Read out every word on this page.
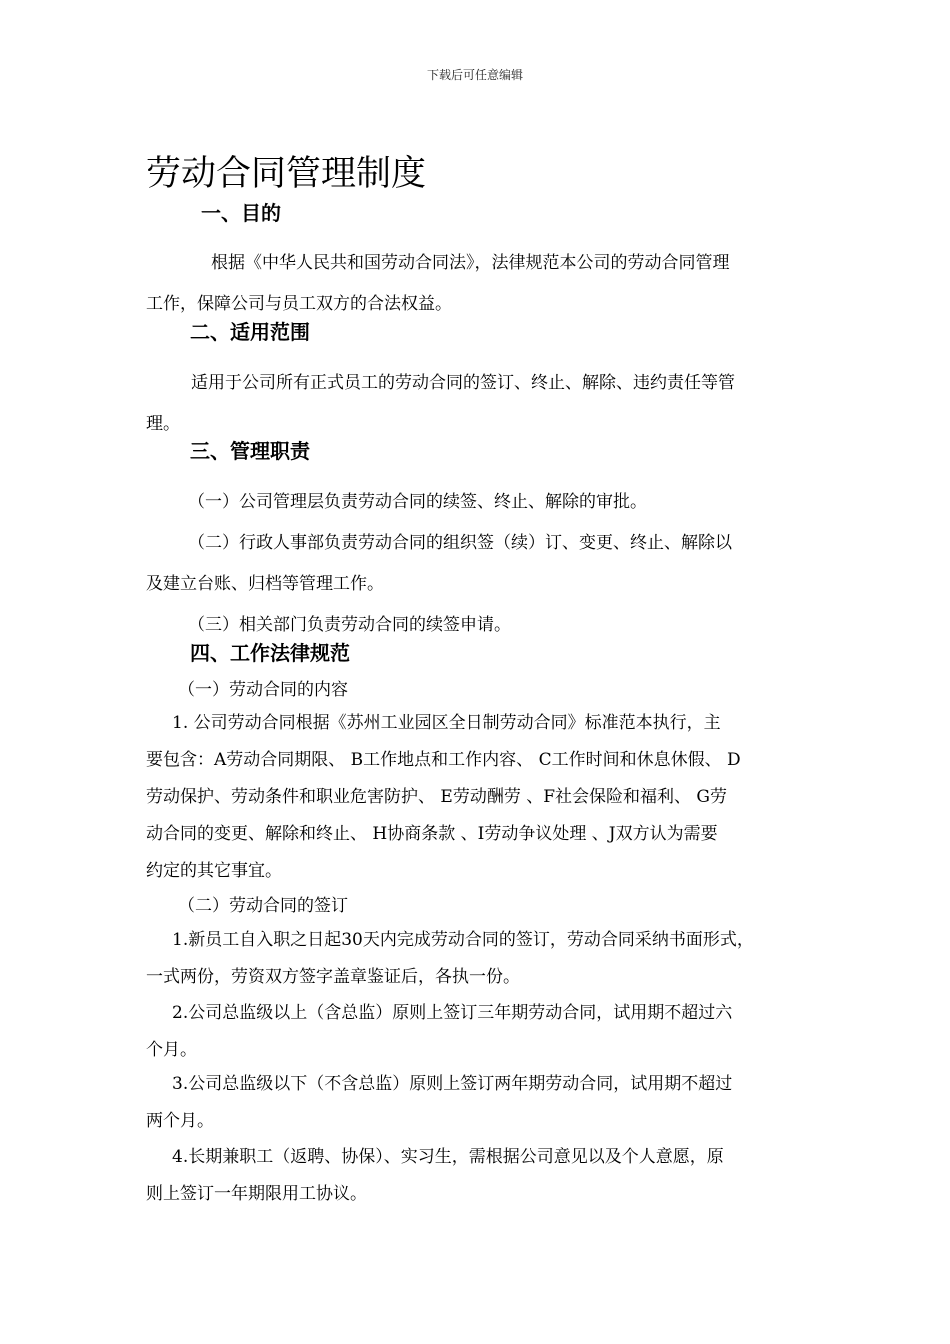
下载后可任意编辑
劳动合同管理制度
一、目的

根据《中华人民共和国劳动合同法》，法律规范本公司的劳动合同管理

工作，保障公司与员工双方的合法权益。

二、适用范围

适用于公司所有正式员工的劳动合同的签订、终止、解除、违约责任等管

理。

三、管理职责

（一）公司管理层负责劳动合同的续签、终止、解除的审批。

（二）行政人事部负责劳动合同的组织签（续）订、变更、终止、解除以

及建立台账、归档等管理工作。

（三）相关部门负责劳动合同的续签申请。

四、工作法律规范

（一）劳动合同的内容

1. 公司劳动合同根据《苏州工业园区全日制劳动合同》标准范本执行，主

要包含：A劳动合同期限、 B工作地点和工作内容、 C工作时间和休息休假、 D

劳动保护、劳动条件和职业危害防护、 E劳动酬劳 、F社会保险和福利、 G劳

动合同的变更、解除和终止、 H协商条款 、I劳动争议处理 、J双方认为需要

约定的其它事宜。

（二）劳动合同的签订

1.新员工自入职之日起30天内完成劳动合同的签订，劳动合同采纳书面形式，

一式两份，劳资双方签字盖章鉴证后，各执一份。

2.公司总监级以上（含总监）原则上签订三年期劳动合同，试用期不超过六

个月。

3.公司总监级以下（不含总监）原则上签订两年期劳动合同，试用期不超过

两个月。

4.长期兼职工（返聘、协保）、实习生，需根据公司意见以及个人意愿，原

则上签订一年期限用工协议。
